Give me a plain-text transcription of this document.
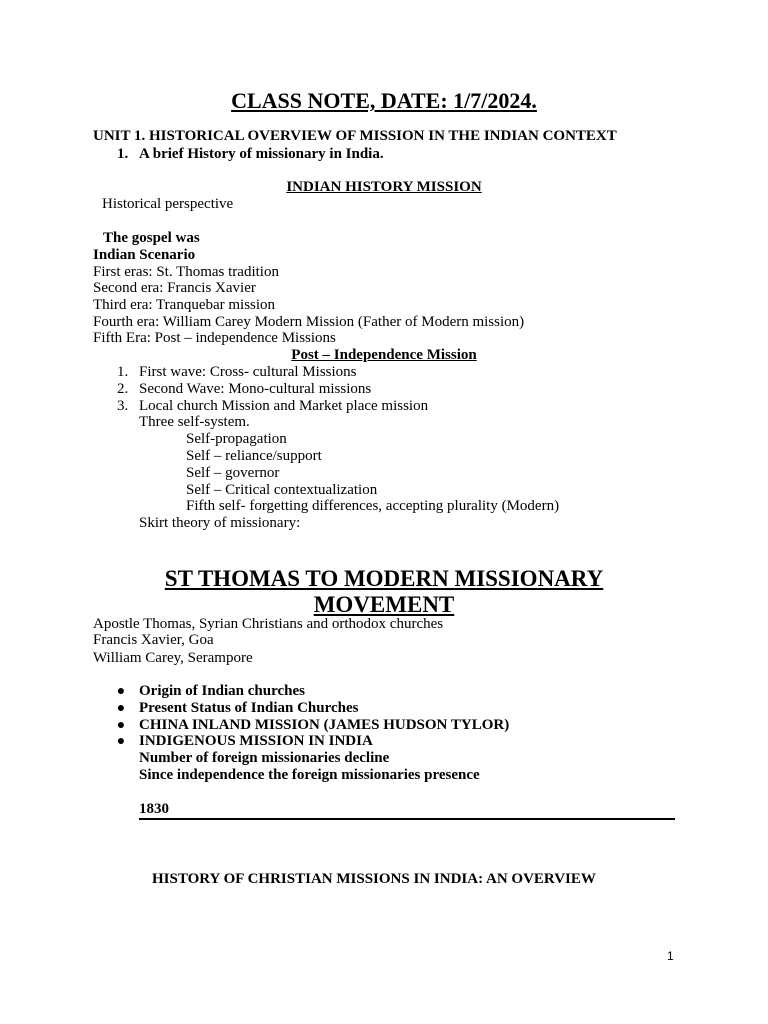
CLASS NOTE, DATE: 1/7/2024.
UNIT 1. HISTORICAL OVERVIEW OF MISSION IN THE INDIAN CONTEXT
1. A brief History of missionary in India.
INDIAN HISTORY MISSION
Historical perspective
The gospel was
Indian Scenario
First eras: St. Thomas tradition
Second era: Francis Xavier
Third era: Tranquebar mission
Fourth era: William Carey Modern Mission (Father of Modern mission)
Fifth Era: Post – independence Missions
Post – Independence Mission
1. First wave: Cross- cultural Missions
2. Second Wave: Mono-cultural missions
3. Local church Mission and Market place mission
Three self-system.
Self-propagation
Self – reliance/support
Self – governor
Self – Critical contextualization
Fifth self- forgetting differences, accepting plurality (Modern)
Skirt theory of missionary:
ST THOMAS TO MODERN MISSIONARY
MOVEMENT
Apostle Thomas, Syrian Christians and orthodox churches
Francis Xavier, Goa
William Carey, Serampore
● Origin of Indian churches
● Present Status of Indian Churches
● CHINA INLAND MISSION (JAMES HUDSON TYLOR)
● INDIGENOUS MISSION IN INDIA
Number of foreign missionaries decline
Since independence the foreign missionaries presence
1830
HISTORY OF CHRISTIAN MISSIONS IN INDIA: AN OVERVIEW
1
